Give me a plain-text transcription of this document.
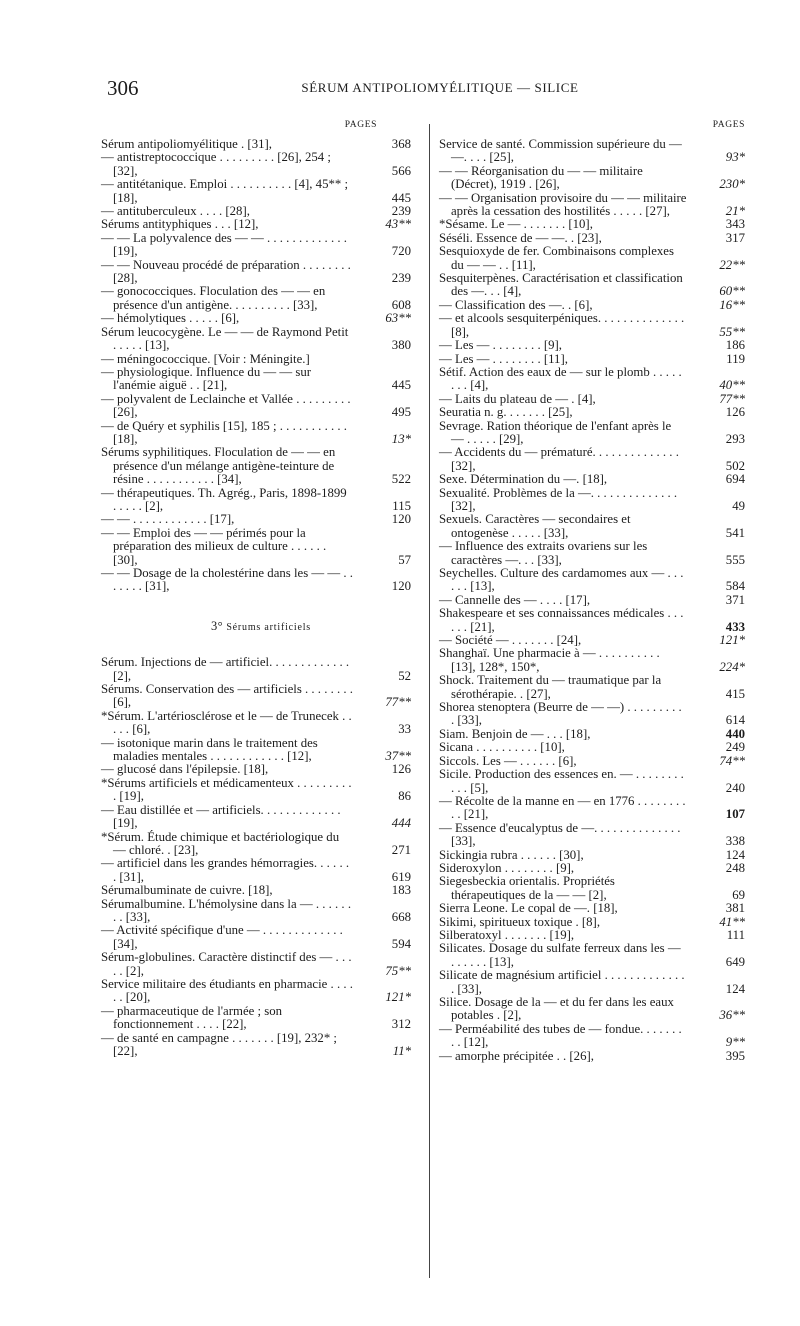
306	SÉRUM ANTIPOLIOMYÉLITIQUE — SILICE
PAGES
Sérum antipoliomyélitique . [31],	368
— antistreptococcique . . . . . . . . . [26], 254 ; [32],	566
— antitétanique. Emploi . . . . . . . . . . [4], 45** ; [18],	445
— antituberculeux . . . . [28],	239
Sérums antityphiques . . . [12],	43**
— — La polyvalence des — — . . . . . . . . . . . . . [19],	720
— — Nouveau procédé de préparation . . . . . . . . [28],	239
— gonococciques. Floculation des — — en présence d'un antigène. . . . . . . . . . [33],	608
— hémolytiques . . . . . [6],	63**
Sérum leucocygène. Le — — de Raymond Petit . . . . . [13],	380
— méningococcique. [Voir : Méningite.]
— physiologique. Influence du — — sur l'anémie aiguë . . [21],	445
— polyvalent de Leclainche et Vallée . . . . . . . . . [26],	495
— de Quéry et syphilis [15], 185 ; . . . . . . . . . . . [18],	13*
Sérums syphilitiques. Floculation de — — en présence d'un mélange antigène-teinture de résine . . . . . . . . . . . [34],	522
— thérapeutiques. Th. Agrég., Paris, 1898-1899 . . . . . [2],	115
— — . . . . . . . . . . . . [17],	120
— — Emploi des — — périmés pour la préparation des milieux de culture . . . . . . [30],	57
— — Dosage de la cholestérine dans les — — . . . . . . . [31],	120
3° Sérums artificiels
Sérum. Injections de — artificiel. . . . . . . . . . . . . [2],	52
Sérums. Conservation des — artificiels . . . . . . . . [6],	77**
*Sérum. L'artériosclérose et le — de Trunecek . . . . . [6],	33
— isotonique marin dans le traitement des maladies mentales . . . . . . . . . . . . [12],	37**
— glucosé dans l'épilepsie. [18],	126
*Sérums artificiels et médicamenteux . . . . . . . . . . [19],	86
— Eau distillée et — artificiels. . . . . . . . . . . . . [19],	444
*Sérum. Étude chimique et bactériologique du — chloré. . [23],	271
— artificiel dans les grandes hémorragies. . . . . . . [31],	619
Sérumalbuminate de cuivre. [18],	183
Sérumalbumine. L'hémolysine dans la — . . . . . . . . [33],	668
— Activité spécifique d'une — . . . . . . . . . . . . . [34],	594
Sérum-globulines. Caractère distinctif des — . . . . . [2],	75**
Service militaire des étudiants en pharmacie . . . . . . [20],	121*
— pharmaceutique de l'armée ; son fonctionnement . . . . [22],	312
— de santé en campagne . . . . . . . [19], 232* ; [22],	11*
PAGES
Service de santé. Commission supérieure du — —. . . . [25],	93*
— — Réorganisation du — — militaire (Décret), 1919 . [26],	230*
— — Organisation provisoire du — — militaire après la cessation des hostilités . . . . . [27],	21*
*Sésame. Le — . . . . . . . [10],	343
Séséli. Essence de — —. . [23],	317
Sesquioxyde de fer. Combinaisons complexes du — — . . [11],	22**
Sesquiterpènes. Caractérisation et classification des —. . . [4],	60**
— Classification des —. . [6],	16**
— et alcools sesquiterpéniques. . . . . . . . . . . . . . [8],	55**
— Les — . . . . . . . . [9],	186
— Les — . . . . . . . . [11],	119
Sétif. Action des eaux de — sur le plomb . . . . . . . . [4],	40**
— Laits du plateau de — . [4],	77**
Seuratia n. g. . . . . . . [25],	126
Sevrage. Ration théorique de l'enfant après le — . . . . . [29],	293
— Accidents du — prématuré. . . . . . . . . . . . . . [32],	502
Sexe. Détermination du —. [18],	694
Sexualité. Problèmes de la —. . . . . . . . . . . . . . [32],	49
Sexuels. Caractères — secondaires et ontogenèse . . . . . [33],	541
— Influence des extraits ovariens sur les caractères —. . . [33],	555
Seychelles. Culture des cardamomes aux — . . . . . . [13],	584
— Cannelle des — . . . . [17],	371
Shakespeare et ses connaissances médicales . . . . . . [21],	433
— Société — . . . . . . . [24],	121*
Shanghaï. Une pharmacie à — . . . . . . . . . . [13], 128*, 150*,	224*
Shock. Traitement du — traumatique par la sérothérapie. . [27],	415
Shorea stenoptera (Beurre de — —) . . . . . . . . . . [33],	614
Siam. Benjoin de — . . . [18],	440
Sicana . . . . . . . . . . [10],	249
Siccols. Les — . . . . . . [6],	74**
Sicile. Production des essences en. — . . . . . . . . . . . [5],	240
— Récolte de la manne en — en 1776 . . . . . . . . . . [21],	107
— Essence d'eucalyptus de —. . . . . . . . . . . . . . [33],	338
Sickingia rubra . . . . . . [30],	124
Sideroxylon . . . . . . . . [9],	248
Siegesbeckia orientalis. Propriétés thérapeutiques de la — — [2],	69
Sierra Leone. Le copal de —. [18],	381
Sikimi, spiritueux toxique . [8],	41**
Silberatoxyl . . . . . . . [19],	111
Silicates. Dosage du sulfate ferreux dans les — . . . . . . [13],	649
Silicate de magnésium artificiel . . . . . . . . . . . . . . [33],	124
Silice. Dosage de la — et du fer dans les eaux potables . [2],	36**
— Perméabilité des tubes de — fondue. . . . . . . . . [12],	9**
— amorphe précipitée . . [26],	395
